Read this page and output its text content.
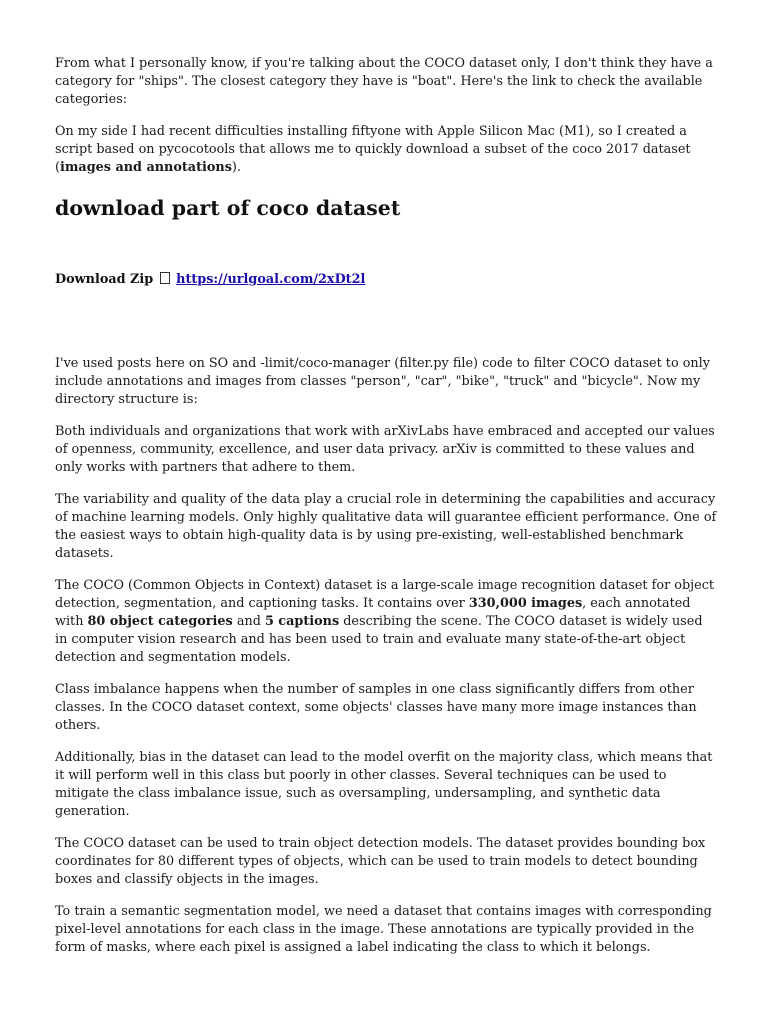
From what I personally know, if you're talking about the COCO dataset only, I don't think they have a category for "ships". The closest category they have is "boat". Here's the link to check the available categories:

On my side I had recent difficulties installing fiftyone with Apple Silicon Mac (M1), so I created a script based on pycocotools that allows me to quickly download a subset of the coco 2017 dataset (images and annotations).

download part of coco dataset
Download Zip https://urlgoal.com/2xDt2l

I've used posts here on SO and -limit/coco-manager (filter.py file) code to filter COCO dataset to only include annotations and images from classes "person", "car", "bike", "truck" and "bicycle". Now my directory structure is:

Both individuals and organizations that work with arXivLabs have embraced and accepted our values of openness, community, excellence, and user data privacy. arXiv is committed to these values and only works with partners that adhere to them.

The variability and quality of the data play a crucial role in determining the capabilities and accuracy of machine learning models. Only highly qualitative data will guarantee efficient performance. One of the easiest ways to obtain high-quality data is by using pre-existing, well-established benchmark datasets.

The COCO (Common Objects in Context) dataset is a large-scale image recognition dataset for object detection, segmentation, and captioning tasks. It contains over 330,000 images, each annotated with 80 object categories and 5 captions describing the scene. The COCO dataset is widely used in computer vision research and has been used to train and evaluate many state-of-the-art object detection and segmentation models.

Class imbalance happens when the number of samples in one class significantly differs from other classes. In the COCO dataset context, some objects' classes have many more image instances than others.

Additionally, bias in the dataset can lead to the model overfit on the majority class, which means that it will perform well in this class but poorly in other classes. Several techniques can be used to mitigate the class imbalance issue, such as oversampling, undersampling, and synthetic data generation.

The COCO dataset can be used to train object detection models. The dataset provides bounding box coordinates for 80 different types of objects, which can be used to train models to detect bounding boxes and classify objects in the images.

To train a semantic segmentation model, we need a dataset that contains images with corresponding pixel-level annotations for each class in the image. These annotations are typically provided in the form of masks, where each pixel is assigned a label indicating the class to which it belongs.
